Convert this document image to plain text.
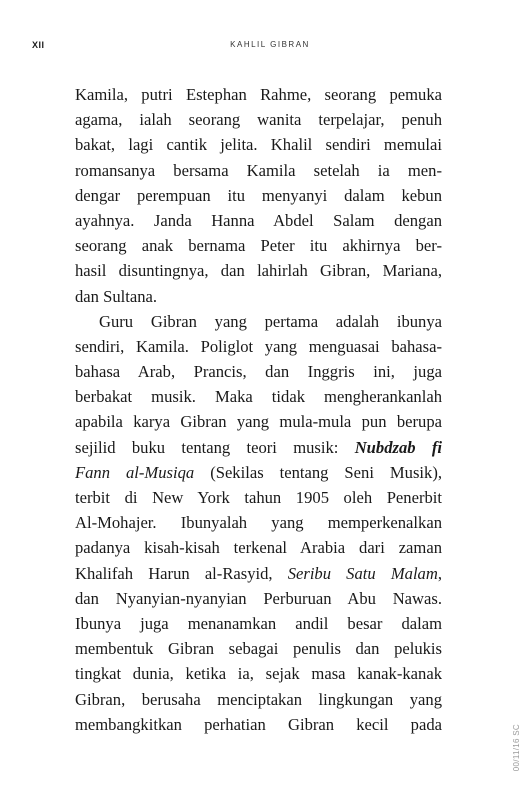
XII	KAHLIL GIBRAN
Kamila, putri Estephan Rahme, seorang pemuka
agama, ialah seorang wanita terpelajar, penuh
bakat, lagi cantik jelita. Khalil sendiri memulai
romansanya bersama Kamila setelah ia men-
dengar perempuan itu menyanyi dalam kebun
ayahnya. Janda Hanna Abdel Salam dengan
seorang anak bernama Peter itu akhirnya ber-
hasil disuntingnya, dan lahirlah Gibran, Mariana,
dan Sultana.
Guru Gibran yang pertama adalah ibunya
sendiri, Kamila. Poliglot yang menguasai bahasa-
bahasa Arab, Prancis, dan Inggris ini, juga
berbakat musik. Maka tidak mengherankanlah
apabila karya Gibran yang mula-mula pun berupa
sejilid buku tentang teori musik: Nubdzab fi
Fann al-Musiqa (Sekilas tentang Seni Musik),
terbit di New York tahun 1905 oleh Penerbit
Al-Mohajer. Ibunyalah yang memperkenalkan
padanya kisah-kisah terkenal Arabia dari zaman
Khalifah Harun al-Rasyid, Seribu Satu Malam,
dan Nyanyian-nyanyian Perburuan Abu Nawas.
Ibunya juga menanamkan andil besar dalam
membentuk Gibran sebagai penulis dan pelukis
tingkat dunia, ketika ia, sejak masa kanak-kanak
Gibran, berusaha menciptakan lingkungan yang
membangkitkan perhatian Gibran kecil pada	00/11/16 SC
